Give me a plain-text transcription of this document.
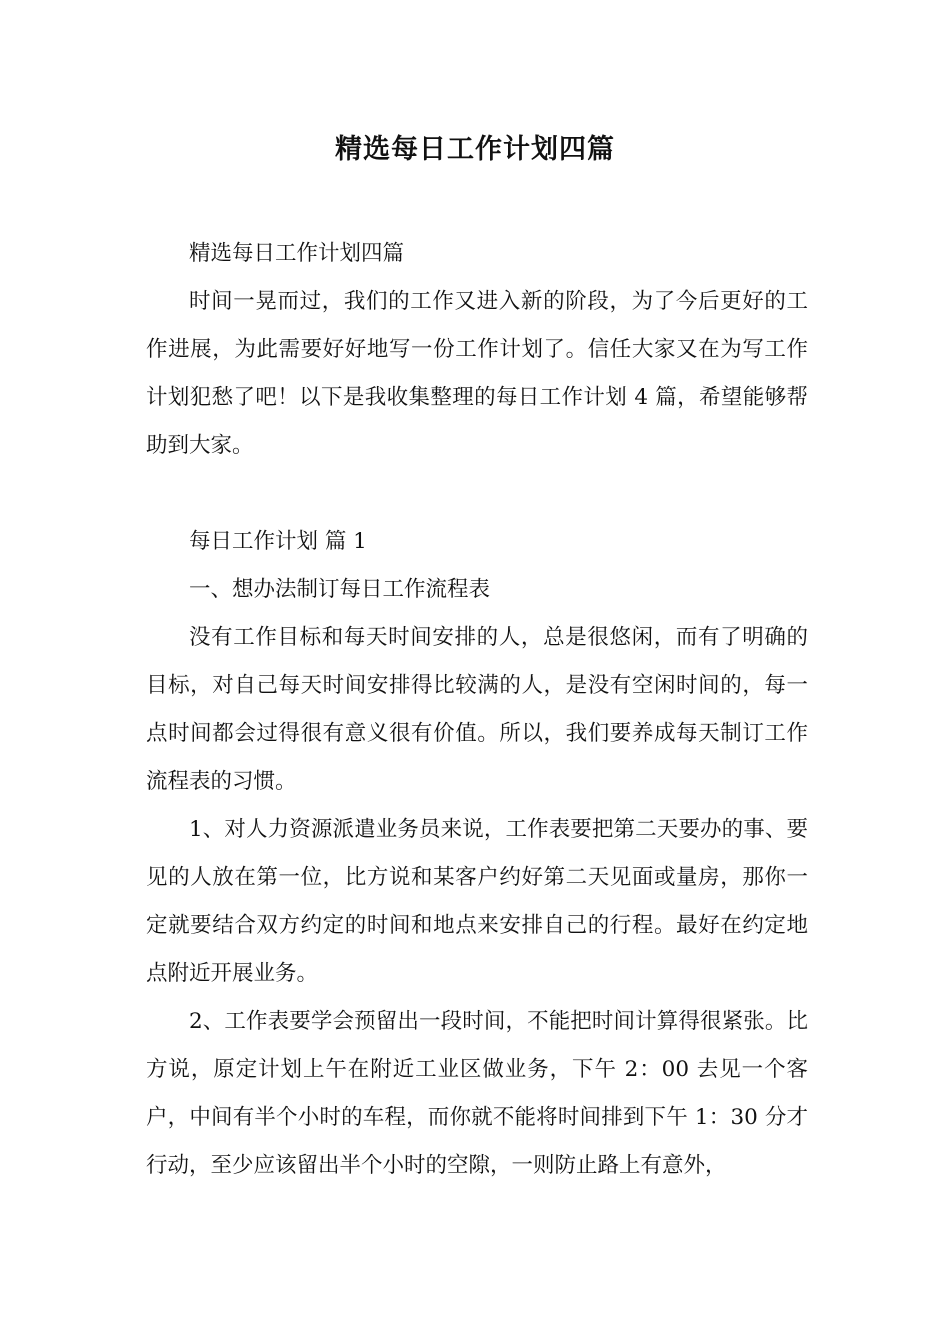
精选每日工作计划四篇

精选每日工作计划四篇

时间一晃而过，我们的工作又进入新的阶段，为了今后更好的工作进展，为此需要好好地写一份工作计划了。信任大家又在为写工作计划犯愁了吧！以下是我收集整理的每日工作计划 4 篇，希望能够帮助到大家。

每日工作计划 篇 1

一、想办法制订每日工作流程表

没有工作目标和每天时间安排的人，总是很悠闲，而有了明确的目标，对自己每天时间安排得比较满的人，是没有空闲时间的，每一点时间都会过得很有意义很有价值。所以，我们要养成每天制订工作流程表的习惯。

1、对人力资源派遣业务员来说，工作表要把第二天要办的事、要见的人放在第一位，比方说和某客户约好第二天见面或量房，那你一定就要结合双方约定的时间和地点来安排自己的行程。最好在约定地点附近开展业务。

2、工作表要学会预留出一段时间，不能把时间计算得很紧张。比方说，原定计划上午在附近工业区做业务，下午 2：00 去见一个客户，中间有半个小时的车程，而你就不能将时间排到下午 1：30 分才行动，至少应该留出半个小时的空隙，一则防止路上有意外，
